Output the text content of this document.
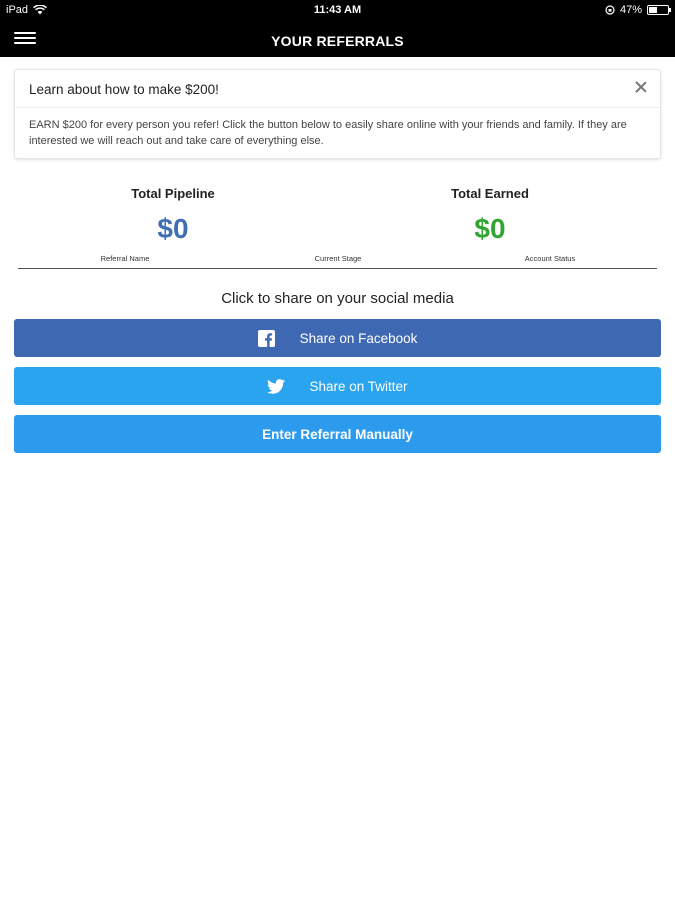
iPad	11:43 AM	47%
YOUR REFERRALS
Learn about how to make $200!
EARN $200 for every person you refer! Click the button below to easily share online with your friends and family. If they are interested we will reach out and take care of everything else.
Total Pipeline
$0
Total Earned
$0
Referral Name	Current Stage	Account Status
Click to share on your social media
Share on Facebook
Share on Twitter
Enter Referral Manually
